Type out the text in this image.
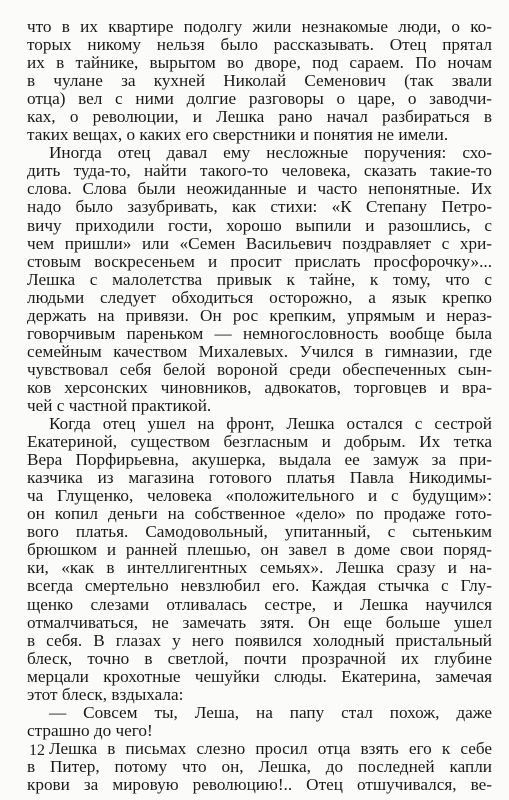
что в их квартире подолгу жили незнакомые люди, о ко-
торых никому нельзя было рассказывать. Отец прятал
их в тайнике, вырытом во дворе, под сараем. По ночам
в чулане за кухней Николай Семенович (так звали
отца) вел с ними долгие разговоры о царе, о заводчи-
ках, о революции, и Лешка рано начал разбираться в
таких вещах, о каких его сверстники и понятия не имели.
Иногда отец давал ему несложные поручения: схо-
дить туда-то, найти такого-то человека, сказать такие-то
слова. Слова были неожиданные и часто непонятные. Их
надо было зазубривать, как стихи: «К Степану Петро-
вичу приходили гости, хорошо выпили и разошлись, с
чем пришли» или «Семен Васильевич поздравляет с хри-
стовым воскресеньем и просит прислать просфорочку»...
Лешка с малолетства привык к тайне, к тому, что с
людьми следует обходиться осторожно, а язык крепко
держать на привязи. Он рос крепким, упрямым и нераз-
говорчивым пареньком — немногословность вообще была
семейным качеством Михалевых. Учился в гимназии, где
чувствовал себя белой вороной среди обеспеченных сын-
ков херсонских чиновников, адвокатов, торговцев и вра-
чей с частной практикой.
Когда отец ушел на фронт, Лешка остался с сестрой
Екатериной, существом безгласным и добрым. Их тетка
Вера Порфирьевна, акушерка, выдала ее замуж за при-
казчика из магазина готового платья Павла Никодимы-
ча Глущенко, человека «положительного и с будущим»:
он копил деньги на собственное «дело» по продаже гото-
вого платья. Самодовольный, упитанный, с сытеньким
брюшком и ранней плешью, он завел в доме свои поряд-
ки, «как в интеллигентных семьях». Лешка сразу и на-
всегда смертельно невзлюбил его. Каждая стычка с Глу-
щенко слезами отливалась сестре, и Лешка научился
отмалчиваться, не замечать зятя. Он еще больше ушел
в себя. В глазах у него появился холодный пристальный
блеск, точно в светлой, почти прозрачной их глубине
мерцали крохотные чешуйки слюды. Екатерина, замечая
этот блеск, вздыхала:
— Совсем ты, Леша, на папу стал похож, даже
страшно до чего!
Лешка в письмах слезно просил отца взять его к себе
в Питер, потому что он, Лешка, до последней капли
крови за мировую революцию!.. Отец отшучивался, ве-
12
